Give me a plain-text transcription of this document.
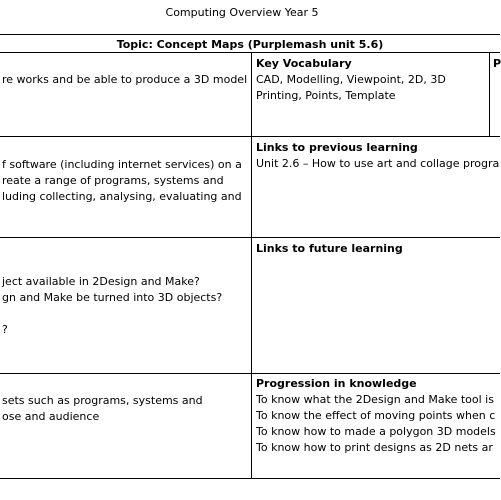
Computing Overview Year 5
Topic: Concept Maps (Purplemash unit 5.6)
re works and be able to produce a 3D model
Key Vocabulary
CAD, Modelling, Viewpoint, 2D, 3D
Printing, Points, Template
P
f software (including internet services) on a
reate a range of programs, systems and
luding collecting, analysing, evaluating and
Links to previous learning
Unit 2.6 – How to use art and collage progra
ject available in 2Design and Make?
gn and Make be turned into 3D objects?
?
Links to future learning
sets such as programs, systems and
ose and audience
Progression in knowledge
To know what the 2Design and Make tool is
To know the effect of moving points when c
To know how to made a polygon 3D models
To know how to print designs as 2D nets ar
